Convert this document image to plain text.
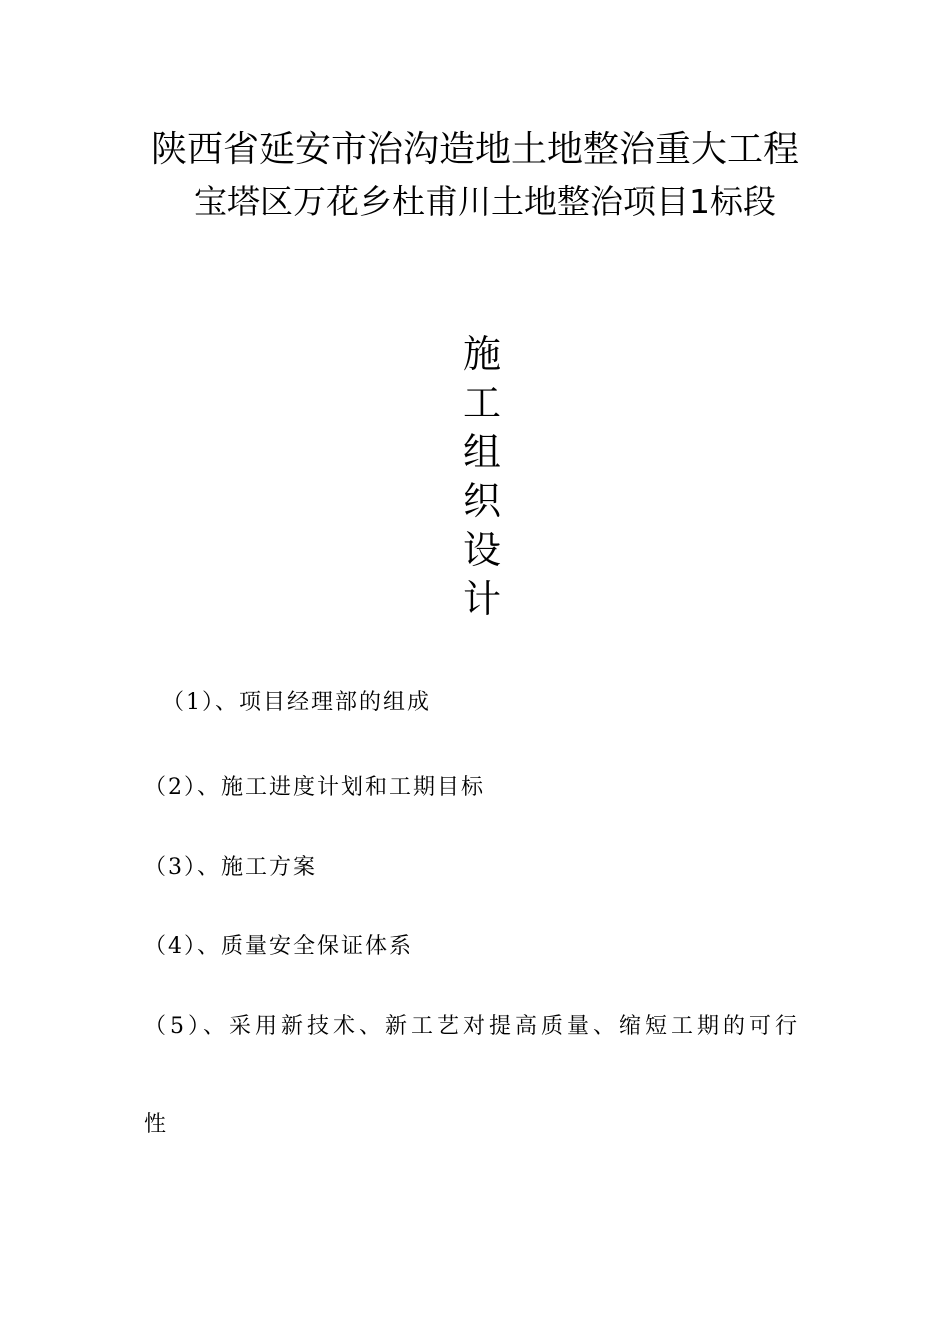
陕西省延安市治沟造地土地整治重大工程
宝塔区万花乡杜甫川土地整治项目1标段
施
工
组
织
设
计
（1）、项目经理部的组成
（2）、施工进度计划和工期目标
（3）、施工方案
（4）、质量安全保证体系
（5）、采用新技术、新工艺对提高质量、缩短工期的可行
性
